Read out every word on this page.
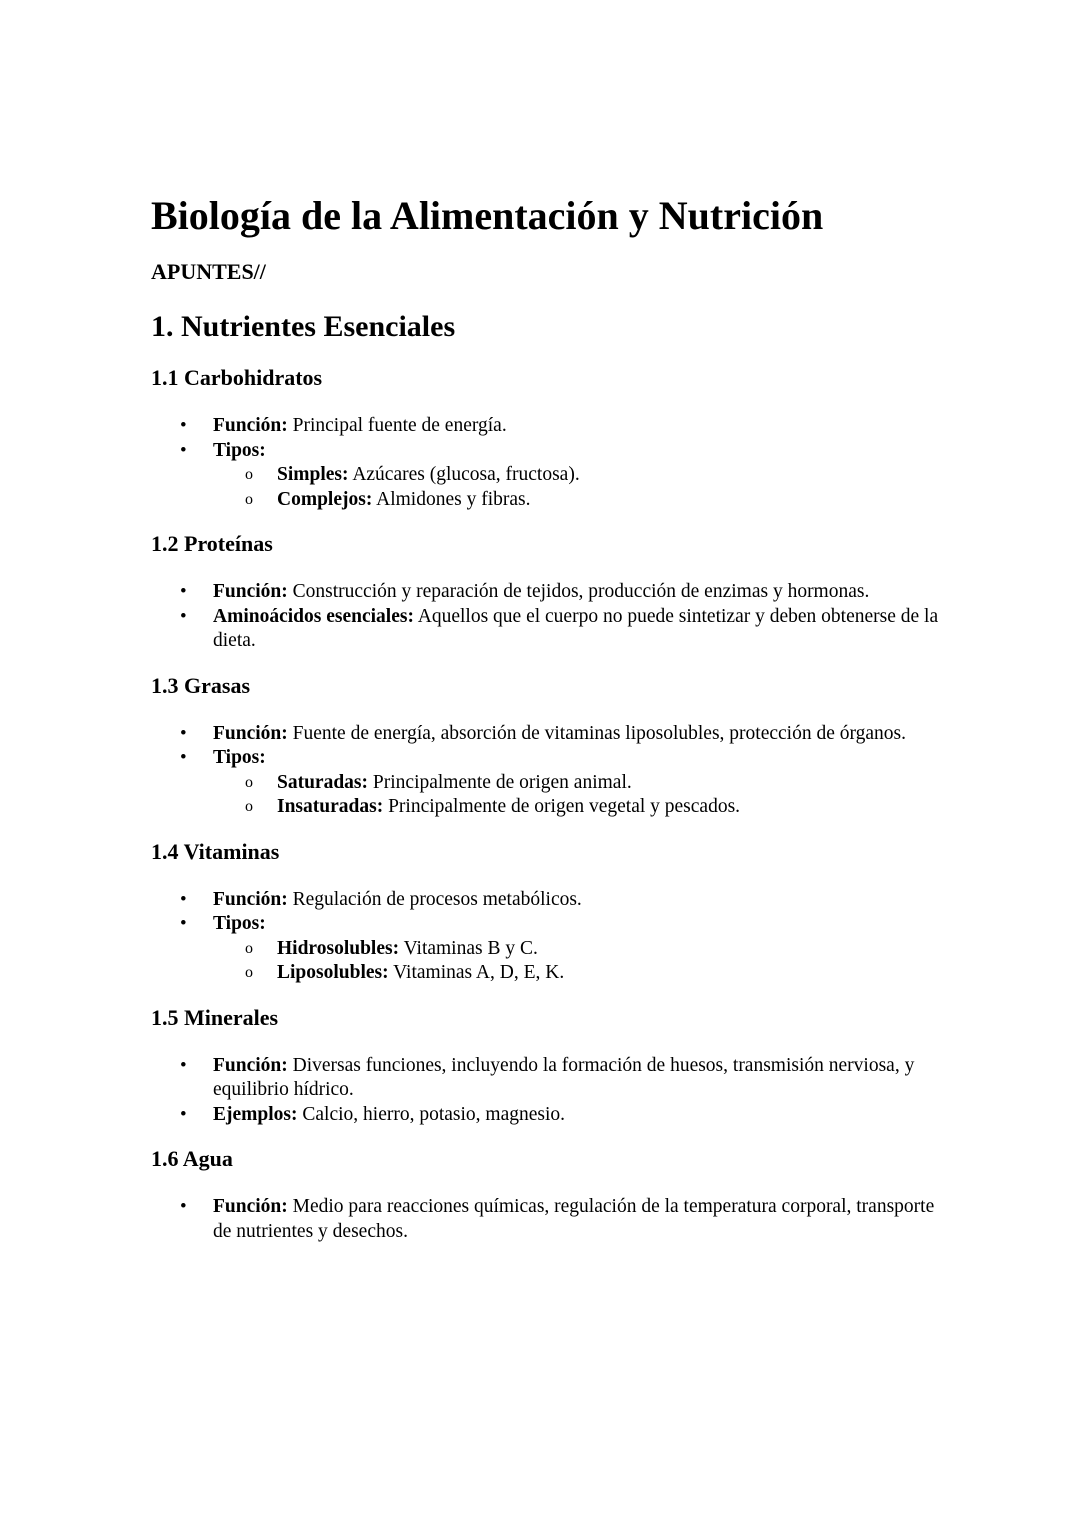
Biología de la Alimentación y Nutrición
APUNTES//
1. Nutrientes Esenciales
1.1 Carbohidratos
• Función: Principal fuente de energía.
• Tipos:
o Simples: Azúcares (glucosa, fructosa).
o Complejos: Almidones y fibras.
1.2 Proteínas
• Función: Construcción y reparación de tejidos, producción de enzimas y hormonas.
• Aminoácidos esenciales: Aquellos que el cuerpo no puede sintetizar y deben obtenerse de la dieta.
1.3 Grasas
• Función: Fuente de energía, absorción de vitaminas liposolubles, protección de órganos.
• Tipos:
o Saturadas: Principalmente de origen animal.
o Insaturadas: Principalmente de origen vegetal y pescados.
1.4 Vitaminas
• Función: Regulación de procesos metabólicos.
• Tipos:
o Hidrosolubles: Vitaminas B y C.
o Liposolubles: Vitaminas A, D, E, K.
1.5 Minerales
• Función: Diversas funciones, incluyendo la formación de huesos, transmisión nerviosa, y equilibrio hídrico.
• Ejemplos: Calcio, hierro, potasio, magnesio.
1.6 Agua
• Función: Medio para reacciones químicas, regulación de la temperatura corporal, transporte de nutrientes y desechos.
